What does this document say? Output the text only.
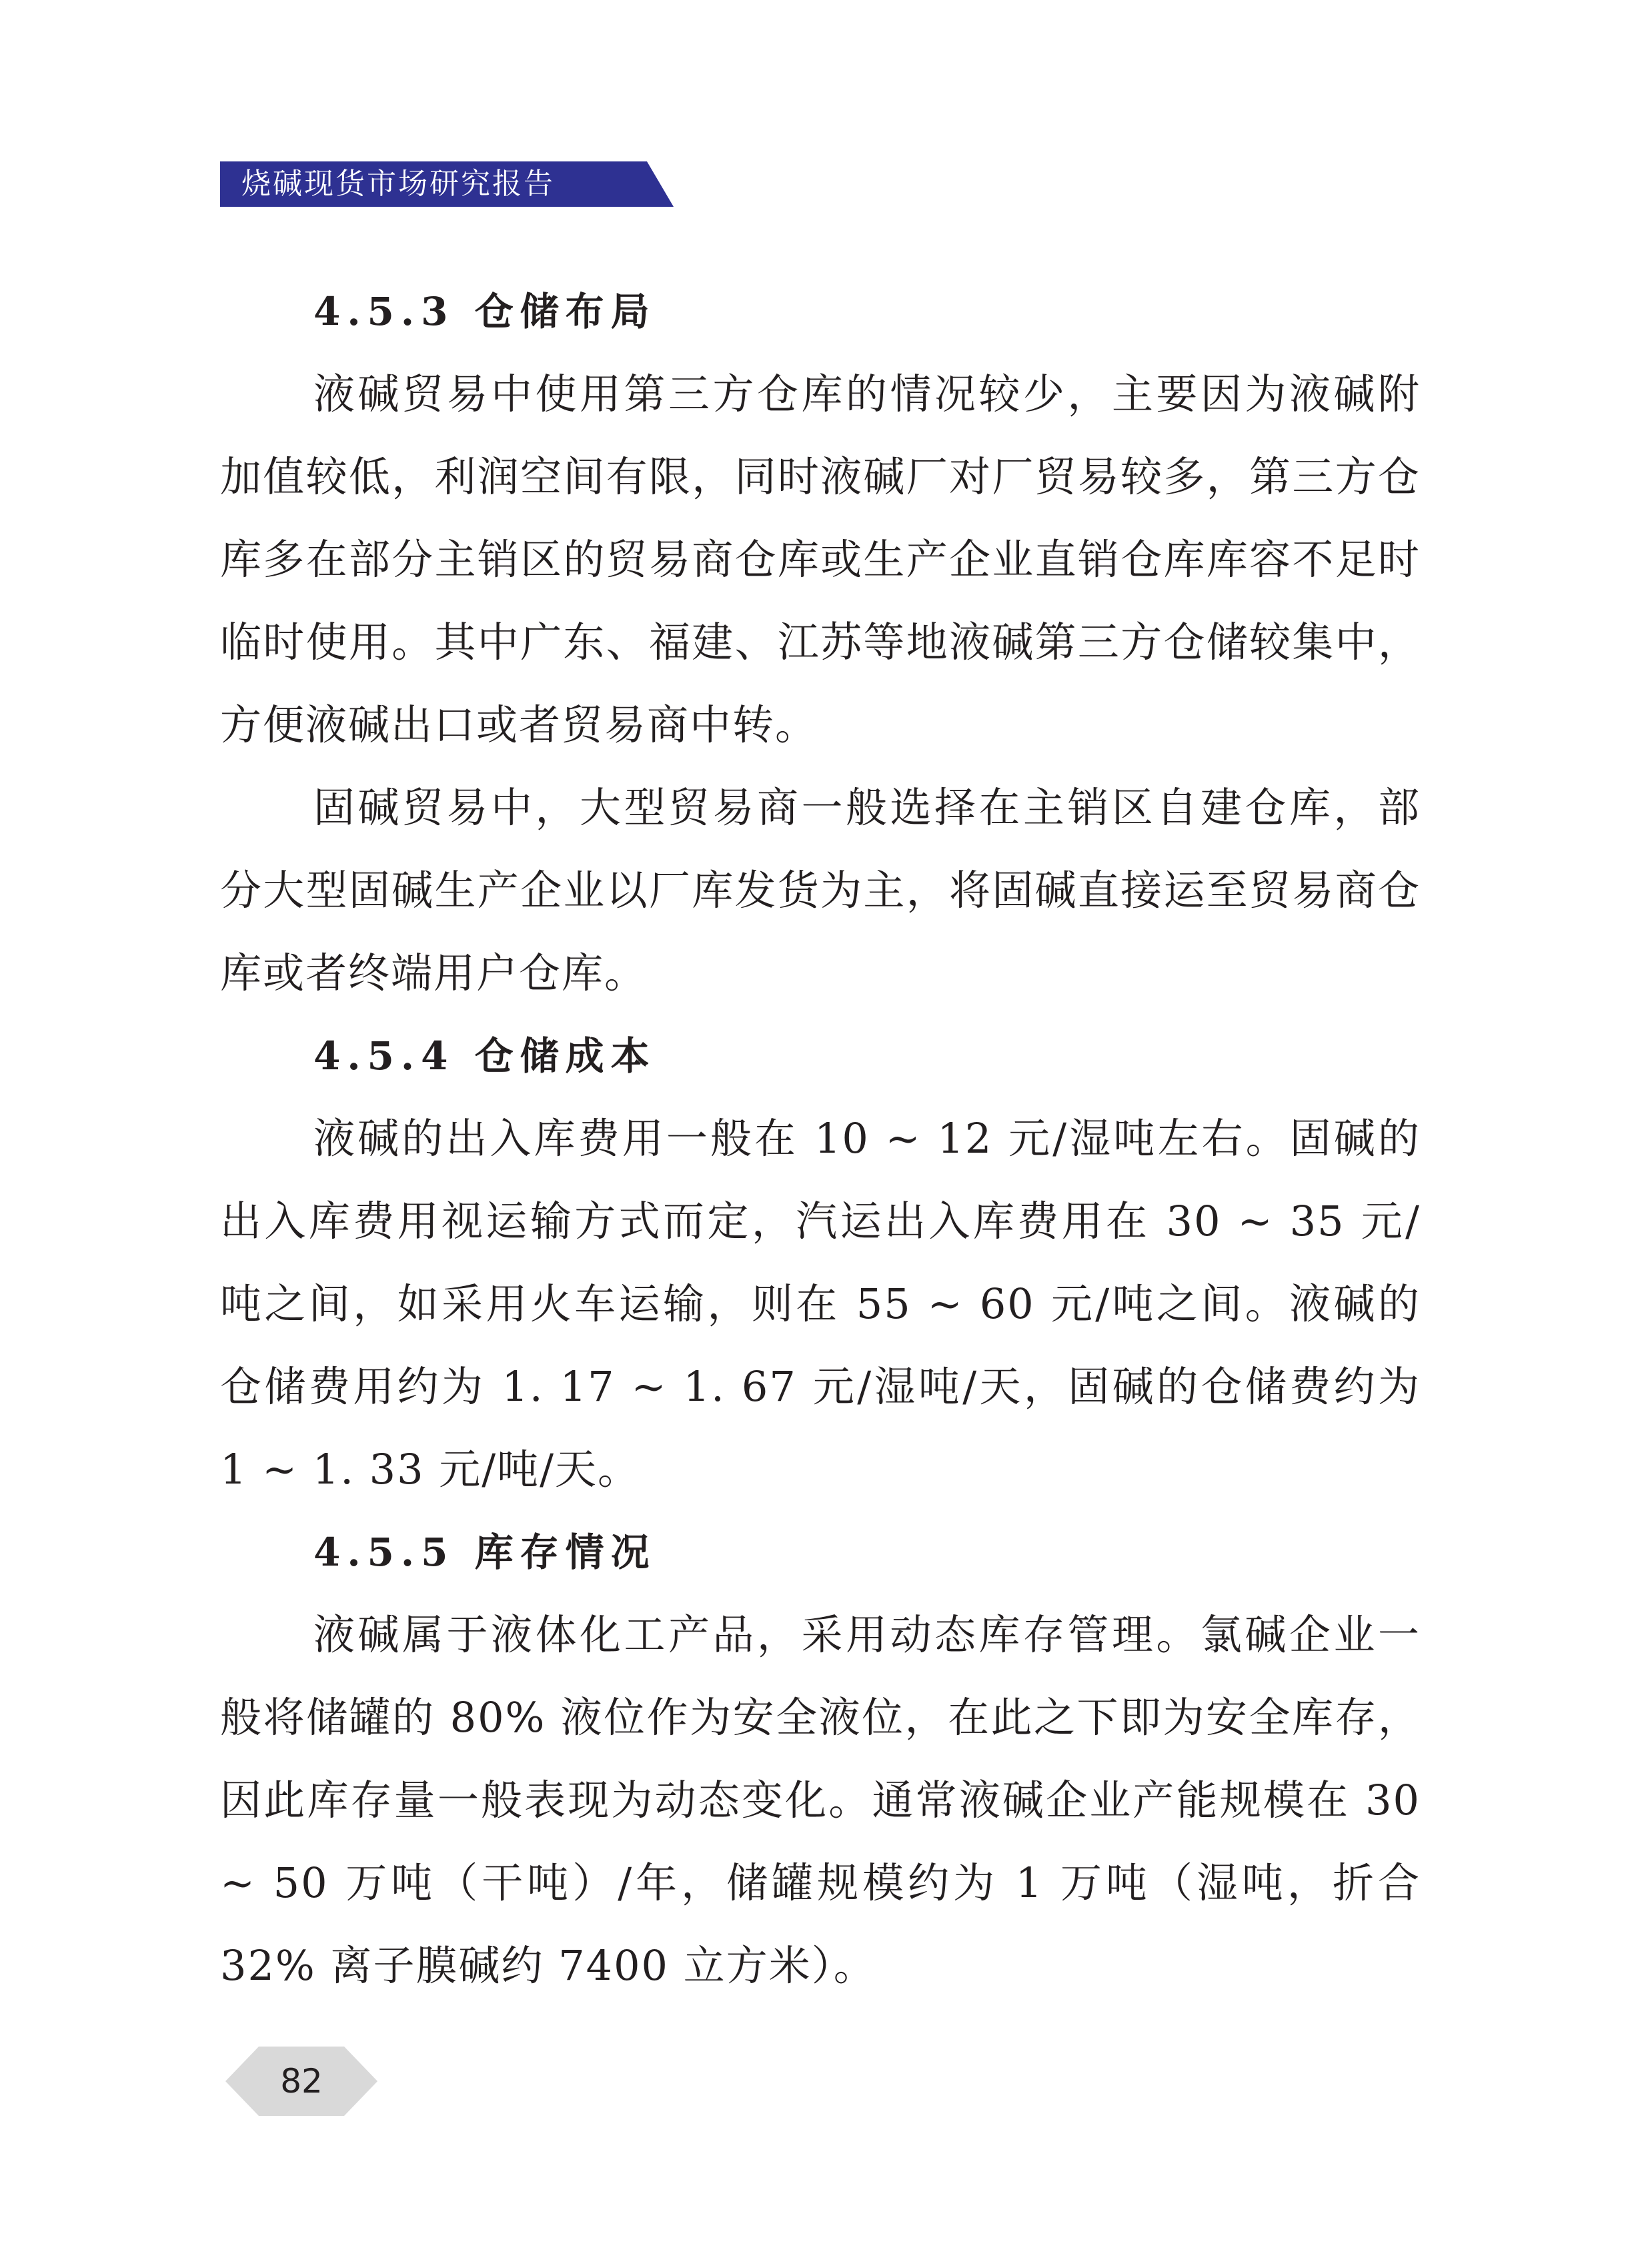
烧碱现货市场研究报告
4.5.3 仓储布局

液碱贸易中使用第三方仓库的情况较少，主要因为液碱附加值较低，利润空间有限，同时液碱厂对厂贸易较多，第三方仓库多在部分主销区的贸易商仓库或生产企业直销仓库库容不足时临时使用。其中广东、福建、江苏等地液碱第三方仓储较集中，方便液碱出口或者贸易商中转。

固碱贸易中，大型贸易商一般选择在主销区自建仓库，部分大型固碱生产企业以厂库发货为主，将固碱直接运至贸易商仓库或者终端用户仓库。

4.5.4 仓储成本

液碱的出入库费用一般在 10 ~ 12 元/湿吨左右。固碱的出入库费用视运输方式而定，汽运出入库费用在 30 ~ 35 元/吨之间，如采用火车运输，则在 55 ~ 60 元/吨之间。液碱的仓储费用约为 1. 17 ~ 1. 67 元/湿吨/天，固碱的仓储费约为 1 ~ 1. 33 元/吨/天。

4.5.5 库存情况

液碱属于液体化工产品，采用动态库存管理。氯碱企业一般将储罐的 80% 液位作为安全液位，在此之下即为安全库存，因此库存量一般表现为动态变化。通常液碱企业产能规模在 30 ~ 50 万吨（干吨）/年，储罐规模约为 1 万吨（湿吨，折合 32% 离子膜碱约 7400 立方米）。

82
